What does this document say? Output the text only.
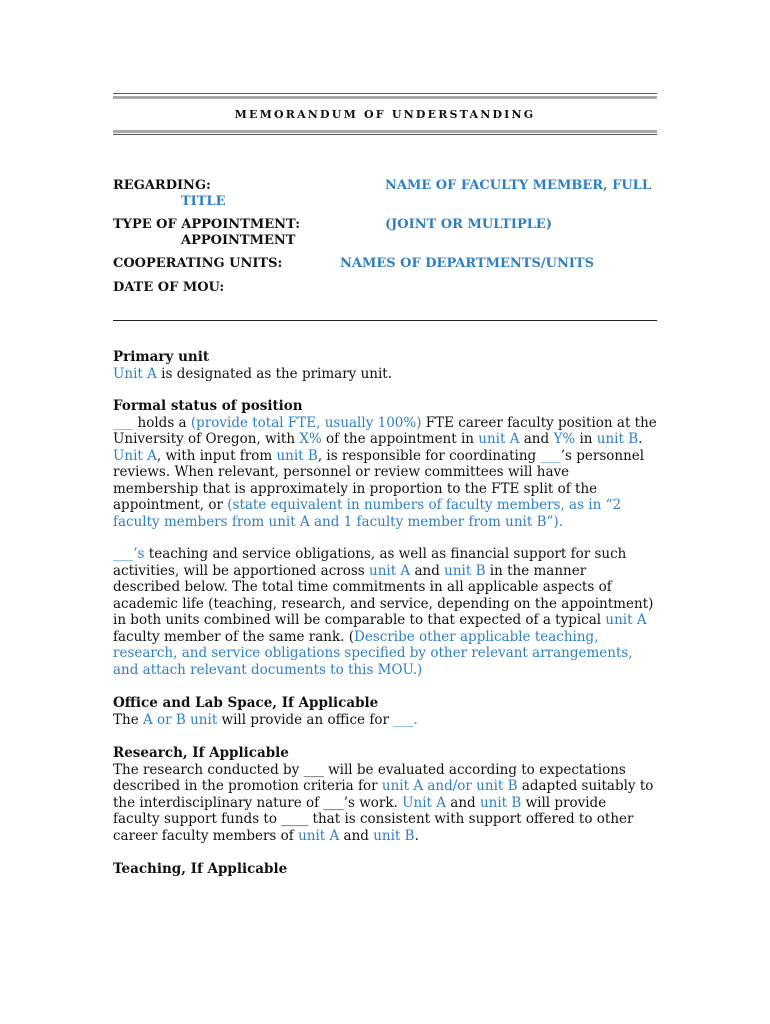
MEMORANDUM OF UNDERSTANDING
REGARDING:	NAME OF FACULTY MEMBER, FULL
TITLE
TYPE OF APPOINTMENT:	(JOINT OR MULTIPLE)
APPOINTMENT
COOPERATING UNITS:	NAMES OF DEPARTMENTS/UNITS
DATE OF MOU:

Primary unit

Unit A is designated as the primary unit.

Formal status of position

___ holds a (provide total FTE, usually 100%) FTE career faculty position at the University of Oregon, with X% of the appointment in unit A and Y% in unit B. Unit A, with input from unit B, is responsible for coordinating ___’s personnel reviews. When relevant, personnel or review committees will have membership that is approximately in proportion to the FTE split of the appointment, or (state equivalent in numbers of faculty members, as in “2 faculty members from unit A and 1 faculty member from unit B”).

___’s teaching and service obligations, as well as financial support for such activities, will be apportioned across unit A and unit B in the manner described below. The total time commitments in all applicable aspects of academic life (teaching, research, and service, depending on the appointment) in both units combined will be comparable to that expected of a typical unit A faculty member of the same rank. (Describe other applicable teaching, research, and service obligations specified by other relevant arrangements, and attach relevant documents to this MOU.)

Office and Lab Space, If Applicable

The A or B unit will provide an office for ___.

Research, If Applicable

The research conducted by ___ will be evaluated according to expectations described in the promotion criteria for unit A and/or unit B adapted suitably to the interdisciplinary nature of ___’s work. Unit A and unit B will provide faculty support funds to ____ that is consistent with support offered to other career faculty members of unit A and unit B.

Teaching, If Applicable
